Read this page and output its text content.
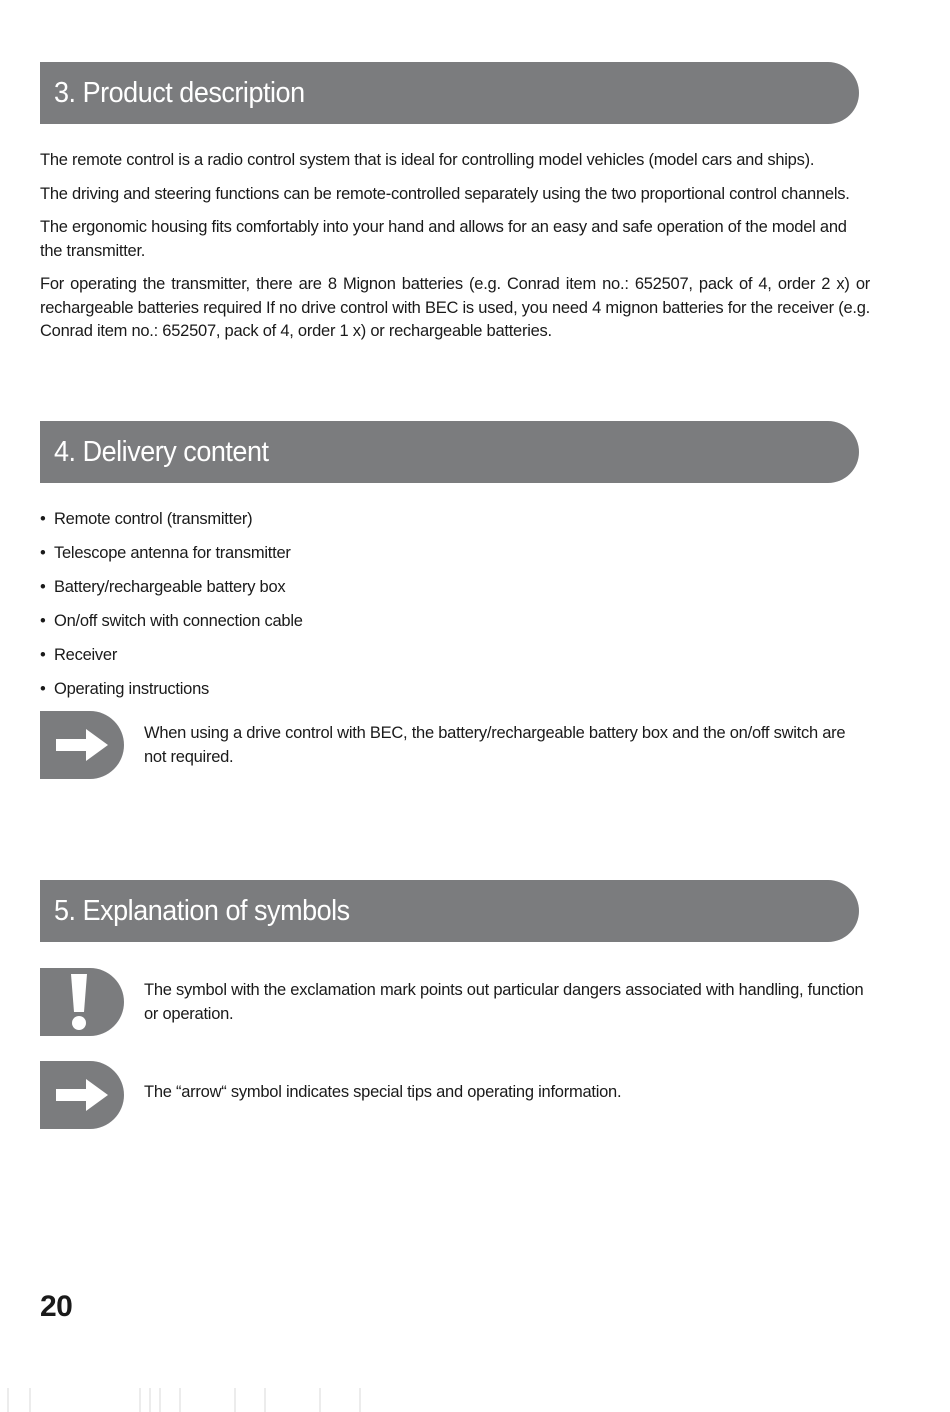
3. Product description

The remote control is a radio control system that is ideal for controlling model vehicles (model cars and ships).

The driving and steering functions can be remote-controlled separately using the two proportional control channels.

The ergonomic housing fits comfortably into your hand and allows for an easy and safe operation of the model and the transmitter.

For operating the transmitter, there are 8 Mignon batteries (e.g. Conrad item no.: 652507, pack of 4, order 2 x) or rechargeable batteries required If no drive control with BEC is used, you need 4 mignon batteries for the receiver (e.g. Conrad item no.: 652507, pack of 4, order 1 x) or rechargeable batteries.

4. Delivery content
• Remote control (transmitter)
• Telescope antenna for transmitter
• Battery/rechargeable battery box
• On/off switch with connection cable
• Receiver
• Operating instructions
When using a drive control with BEC, the battery/rechargeable battery box and the on/off switch are not required.
5. Explanation of symbols
The symbol with the exclamation mark points out particular dangers associated with handling, function or operation.
The “arrow“ symbol indicates special tips and operating information.
20
